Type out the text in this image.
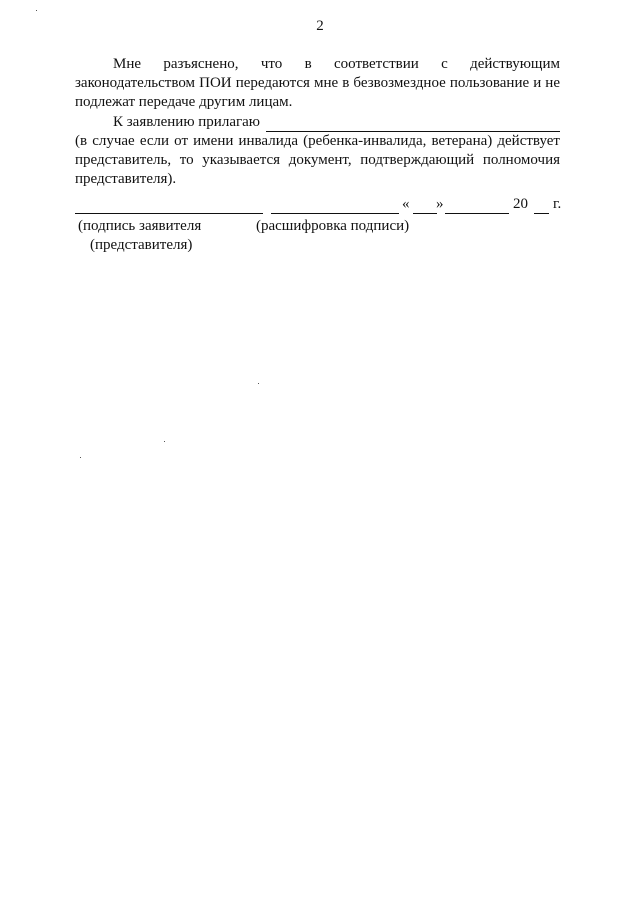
2
Мне разъяснено, что в соответствии с действующим
законодательством ПОИ передаются мне в безвозмездное пользование и не подлежат передаче другим лицам.
К заявлению прилагаю
(в случае если от имени инвалида (ребенка-инвалида, ветерана) действует представитель, то указывается документ, подтверждающий полномочия представителя).
« »	20 г.
(подпись заявителя
(представителя)
(расшифровка подписи)
